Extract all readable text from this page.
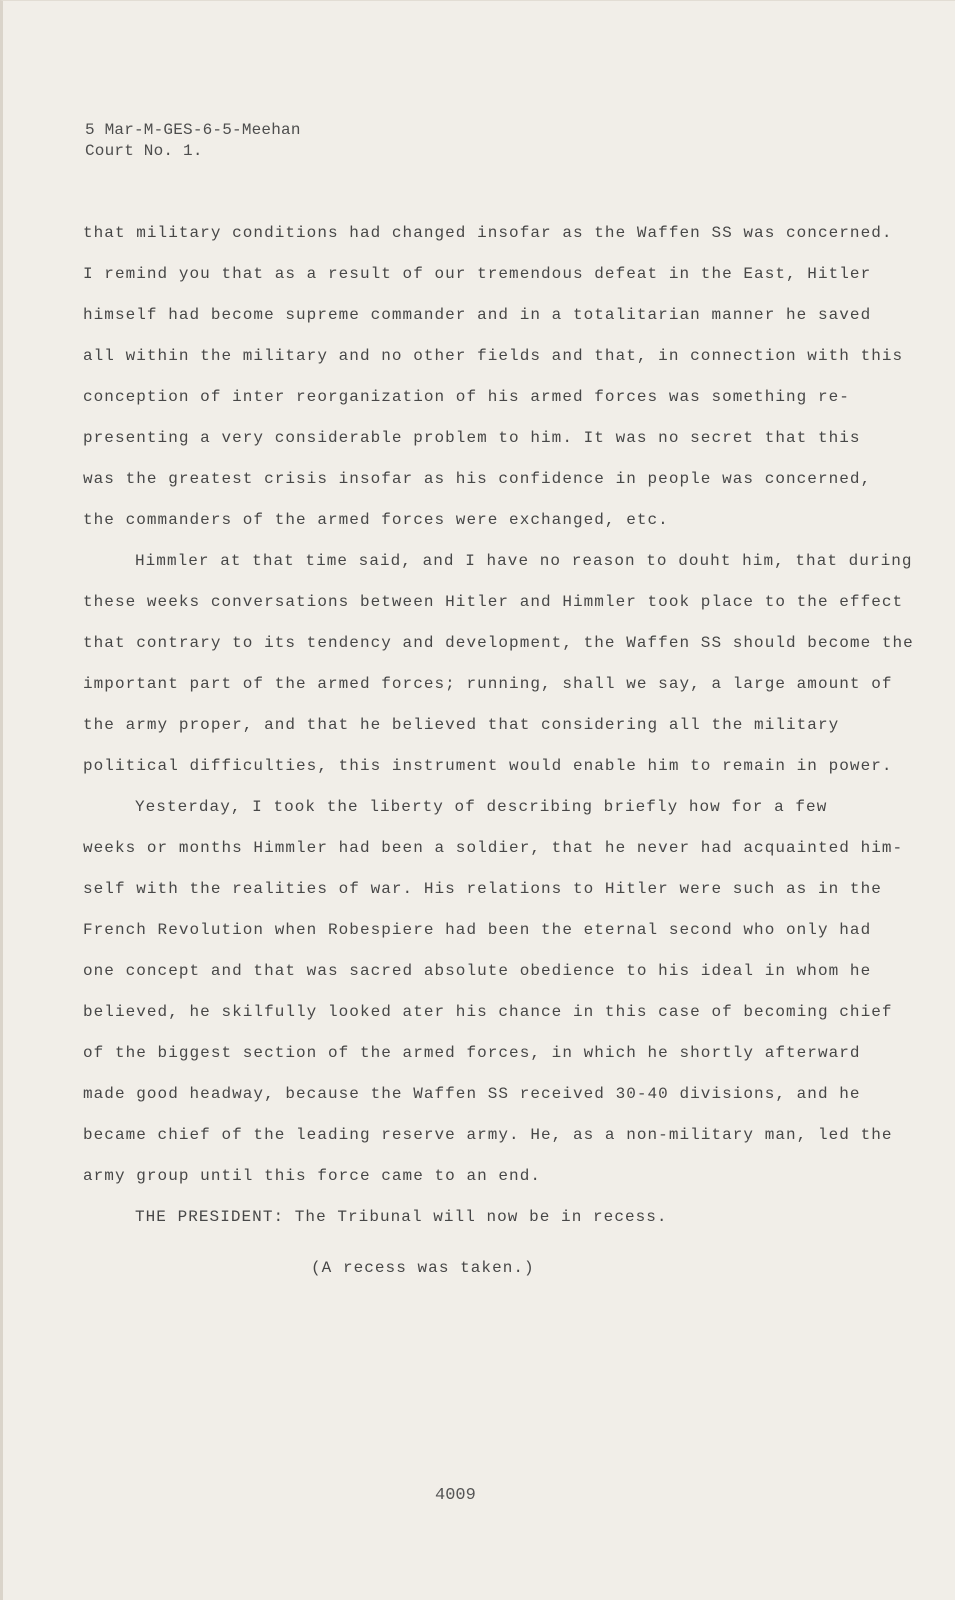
5 Mar-M-GES-6-5-Meehan
Court No. 1.
that military conditions had changed insofar as the Waffen SS was concerned.
I remind you that as a result of our tremendous defeat in the East, Hitler
himself had become supreme commander and in a totalitarian manner he saved
all within the military and no other fields and that, in connection with this
conception of inter reorganization of his armed forces was something re-
presenting a very considerable problem to him. It was no secret that this
was the greatest crisis insofar as his confidence in people was concerned,
the commanders of the armed forces were exchanged, etc.
Himmler at that time said, and I have no reason to douht him, that during
these weeks conversations between Hitler and Himmler took place to the effect
that contrary to its tendency and development, the Waffen SS should become the
important part of the armed forces; running, shall we say, a large amount of
the army proper, and that he believed that considering all the military
political difficulties, this instrument would enable him to remain in power.
Yesterday, I took the liberty of describing briefly how for a few
weeks or months Himmler had been a soldier, that he never had acquainted him-
self with the realities of war. His relations to Hitler were such as in the
French Revolution when Robespiere had been the eternal second who only had
one concept and that was sacred absolute obedience to his ideal in whom he
believed, he skilfully looked ater his chance in this case of becoming chief
of the biggest section of the armed forces, in which he shortly afterward
made good headway, because the Waffen SS received 30-40 divisions, and he
became chief of the leading reserve army. He, as a non-military man, led the
army group until this force came to an end.
THE PRESIDENT: The Tribunal will now be in recess.
(A recess was taken.)
4009
